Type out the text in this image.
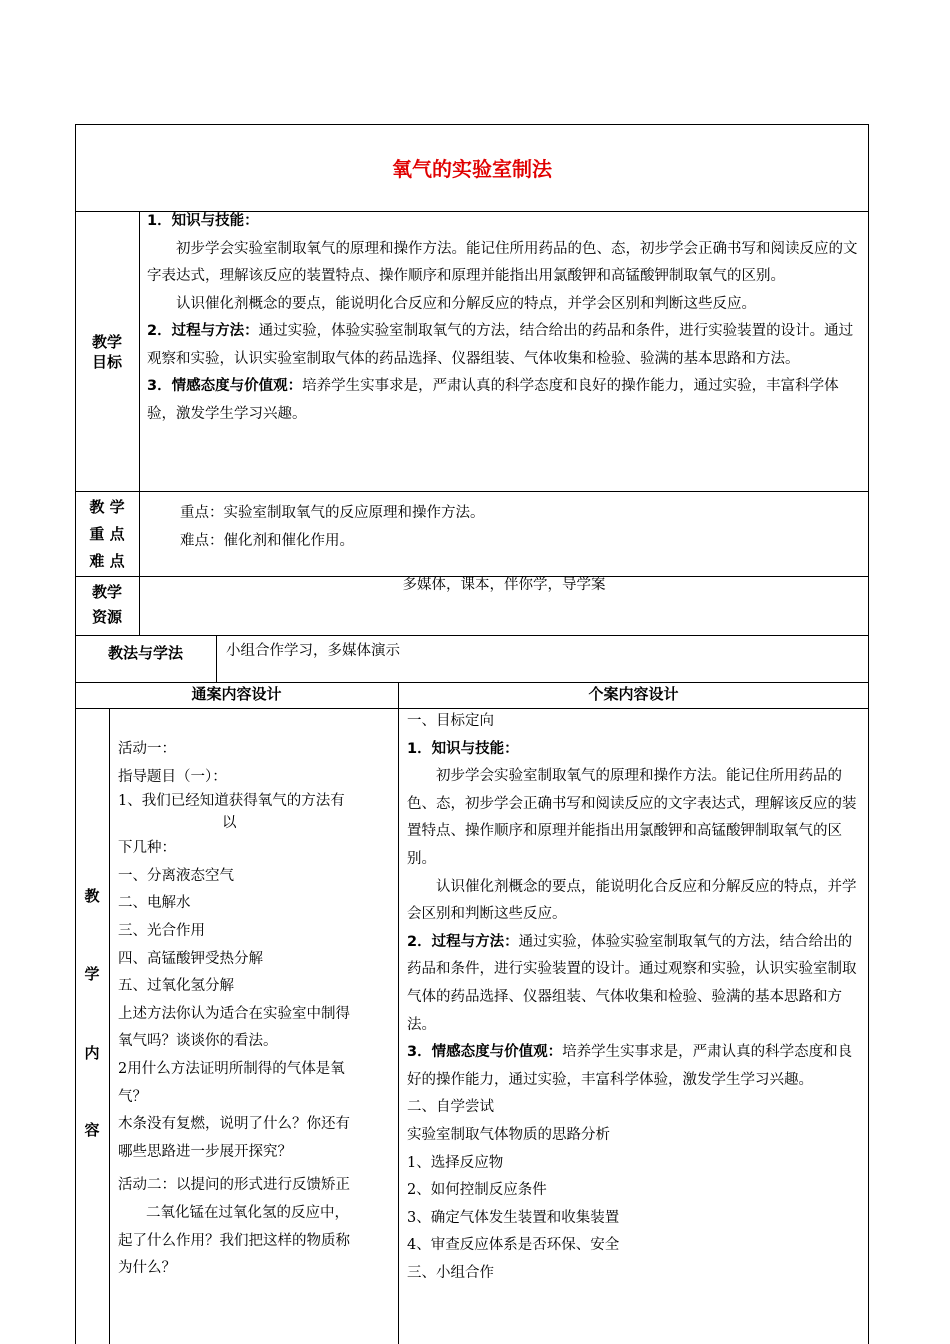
氧气的实验室制法
教学
目标

1．知识与技能：

初步学会实验室制取氧气的原理和操作方法。能记住所用药品的色、态，初步学会正确书写和阅读反应的文字表达式，理解该反应的装置特点、操作顺序和原理并能指出用氯酸钾和高锰酸钾制取氧气的区别。

认识催化剂概念的要点，能说明化合反应和分解反应的特点，并学会区别和判断这些反应。

2．过程与方法：通过实验，体验实验室制取氧气的方法，结合给出的药品和条件，进行实验装置的设计。通过观察和实验，认识实验室制取气体的药品选择、仪器组装、气体收集和检验、验满的基本思路和方法。

3．情感态度与价值观：培养学生实事求是，严肃认真的科学态度和良好的操作能力，通过实验，丰富科学体验，激发学生学习兴趣。

教 学
重 点
难 点

重点：实验室制取氧气的反应原理和操作方法。

难点：催化剂和催化作用。

教学
资源
多媒体，课本，伴你学，导学案
教法与学法	小组合作学习，多媒体演示
通案内容设计	个案内容设计
教
学
内
容

活动一：

指导题目（一）：

1、我们已经知道获得氧气的方法有

以

下几种：

一、分离液态空气

二、电解水

三、光合作用

四、高锰酸钾受热分解

五、过氧化氢分解

上述方法你认为适合在实验室中制得

氧气吗？谈谈你的看法。

2用什么方法证明所制得的气体是氧

气？

木条没有复燃，说明了什么？你还有

哪些思路进一步展开探究？

活动二：以提问的形式进行反馈矫正

二氧化锰在过氧化氢的反应中，

起了什么作用？我们把这样的物质称

为什么？

一、目标定向

1．知识与技能：

初步学会实验室制取氧气的原理和操作方法。能记住所用药品的色、态，初步学会正确书写和阅读反应的文字表达式，理解该反应的装置特点、操作顺序和原理并能指出用氯酸钾和高锰酸钾制取氧气的区别。

认识催化剂概念的要点，能说明化合反应和分解反应的特点，并学会区别和判断这些反应。

2．过程与方法：通过实验，体验实验室制取氧气的方法，结合给出的药品和条件，进行实验装置的设计。通过观察和实验，认识实验室制取气体的药品选择、仪器组装、气体收集和检验、验满的基本思路和方法。

3．情感态度与价值观：培养学生实事求是，严肃认真的科学态度和良好的操作能力，通过实验，丰富科学体验，激发学生学习兴趣。

二、自学尝试

实验室制取气体物质的思路分析

1、选择反应物

2、如何控制反应条件

3、确定气体发生装置和收集装置

4、审查反应体系是否环保、安全

三、小组合作
